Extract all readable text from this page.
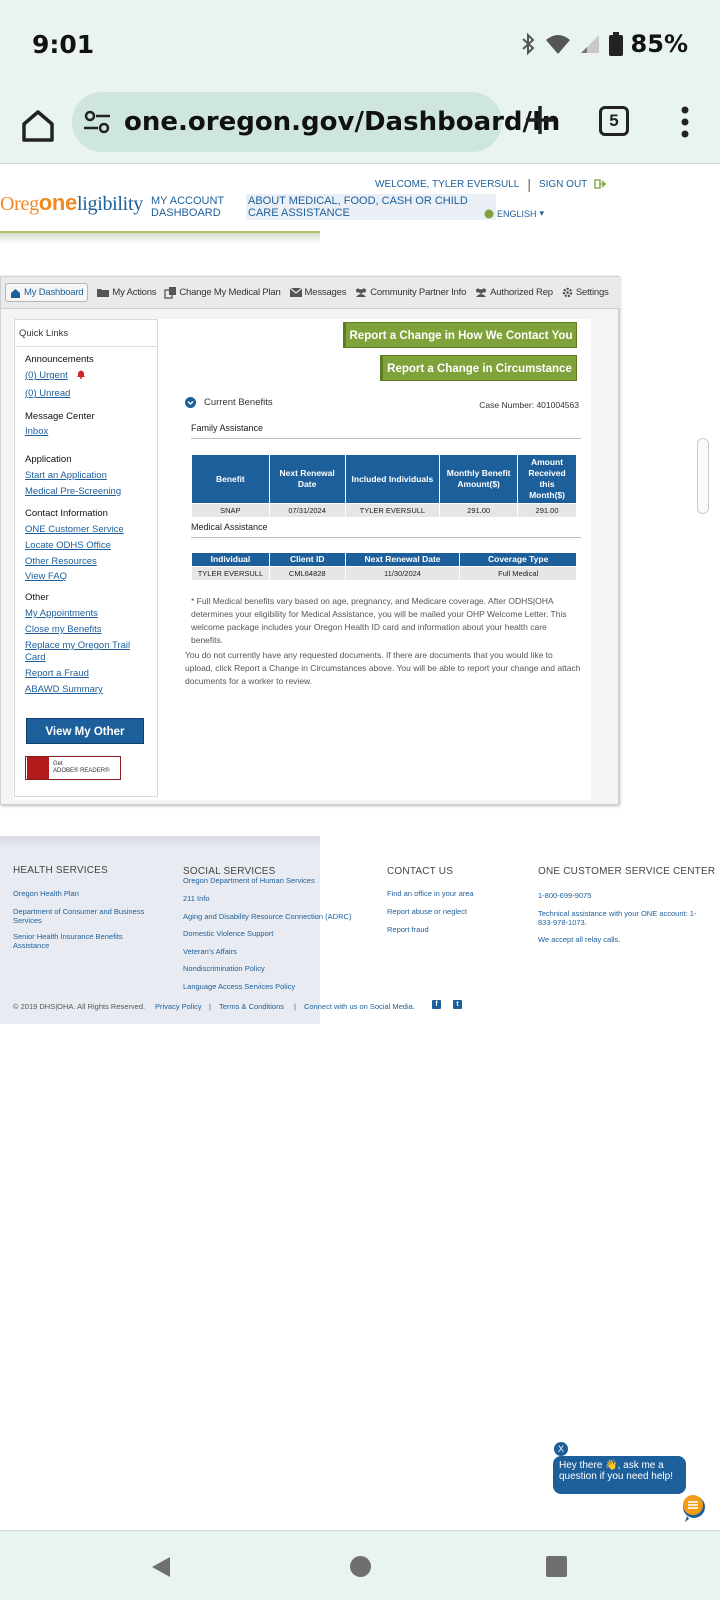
9:01	85%
one.oregon.gov/Dashboard/In	5
Oregoneligibility
WELCOME, TYLER EVERSULL | SIGN OUT
MY ACCOUNT DASHBOARD
ABOUT MEDICAL, FOOD, CASH OR CHILD CARE ASSISTANCE	ENGLISH ▾
My Dashboard	My Actions Change My Medical Plan	Messages	Community Partner Info	Authorized Rep Settings
Quick Links
Announcements
(0) Urgent
(0) Unread
Message Center
Inbox
Application
Start an Application
Medical Pre-Screening
Contact Information
ONE Customer Service
Locate ODHS Office
Other Resources
View FAQ
Other
My Appointments
Close my Benefits
Replace my Oregon Trail Card
Report a Fraud
ABAWD Summary
View My Other
Get
ADOBE® READER®
Report a Change in How We Contact You
Report a Change in Circumstance
Current Benefits	Case Number: 401004563
Family Assistance
Benefit	Next Renewal Date	Included Individuals	Monthly Benefit Amount($)	Amount Received this Month($)
SNAP	07/31/2024	TYLER EVERSULL	291.00	291.00
Medical Assistance
Individual	Client ID	Next Renewal Date	Coverage Type
TYLER EVERSULL	CML64828	11/30/2024	Full Medical
* Full Medical benefits vary based on age, pregnancy, and Medicare coverage. After ODHS|OHA determines your eligibility for Medical Assistance, you will be mailed your OHP Welcome Letter. This welcome package includes your Oregon Health ID card and information about your health care benefits.
You do not currently have any requested documents. If there are documents that you would like to upload, click Report a Change in Circumstances above. You will be able to report your change and attach documents for a worker to review.
HEALTH SERVICES
Oregon Health Plan
Department of Consumer and Business Services
Senior Health Insurance Benefits Assistance
SOCIAL SERVICES
Oregon Department of Human Services
211 Info
Aging and Disability Resource Connection (ADRC)
Domestic Violence Support
Veteran's Affairs
Nondiscrimination Policy
Language Access Services Policy
CONTACT US
Find an office in your area
Report abuse or neglect
Report fraud
ONE CUSTOMER SERVICE CENTER
1-800-699-9075
Technical assistance with your ONE account: 1-833-978-1073.
We accept all relay calls.
© 2019 DHS|OHA. All Rights Reserved. Privacy Policy | Terms & Conditions | Connect with us on Social Media.	f	t
X
Hey there 👋, ask me a question if you need help!
